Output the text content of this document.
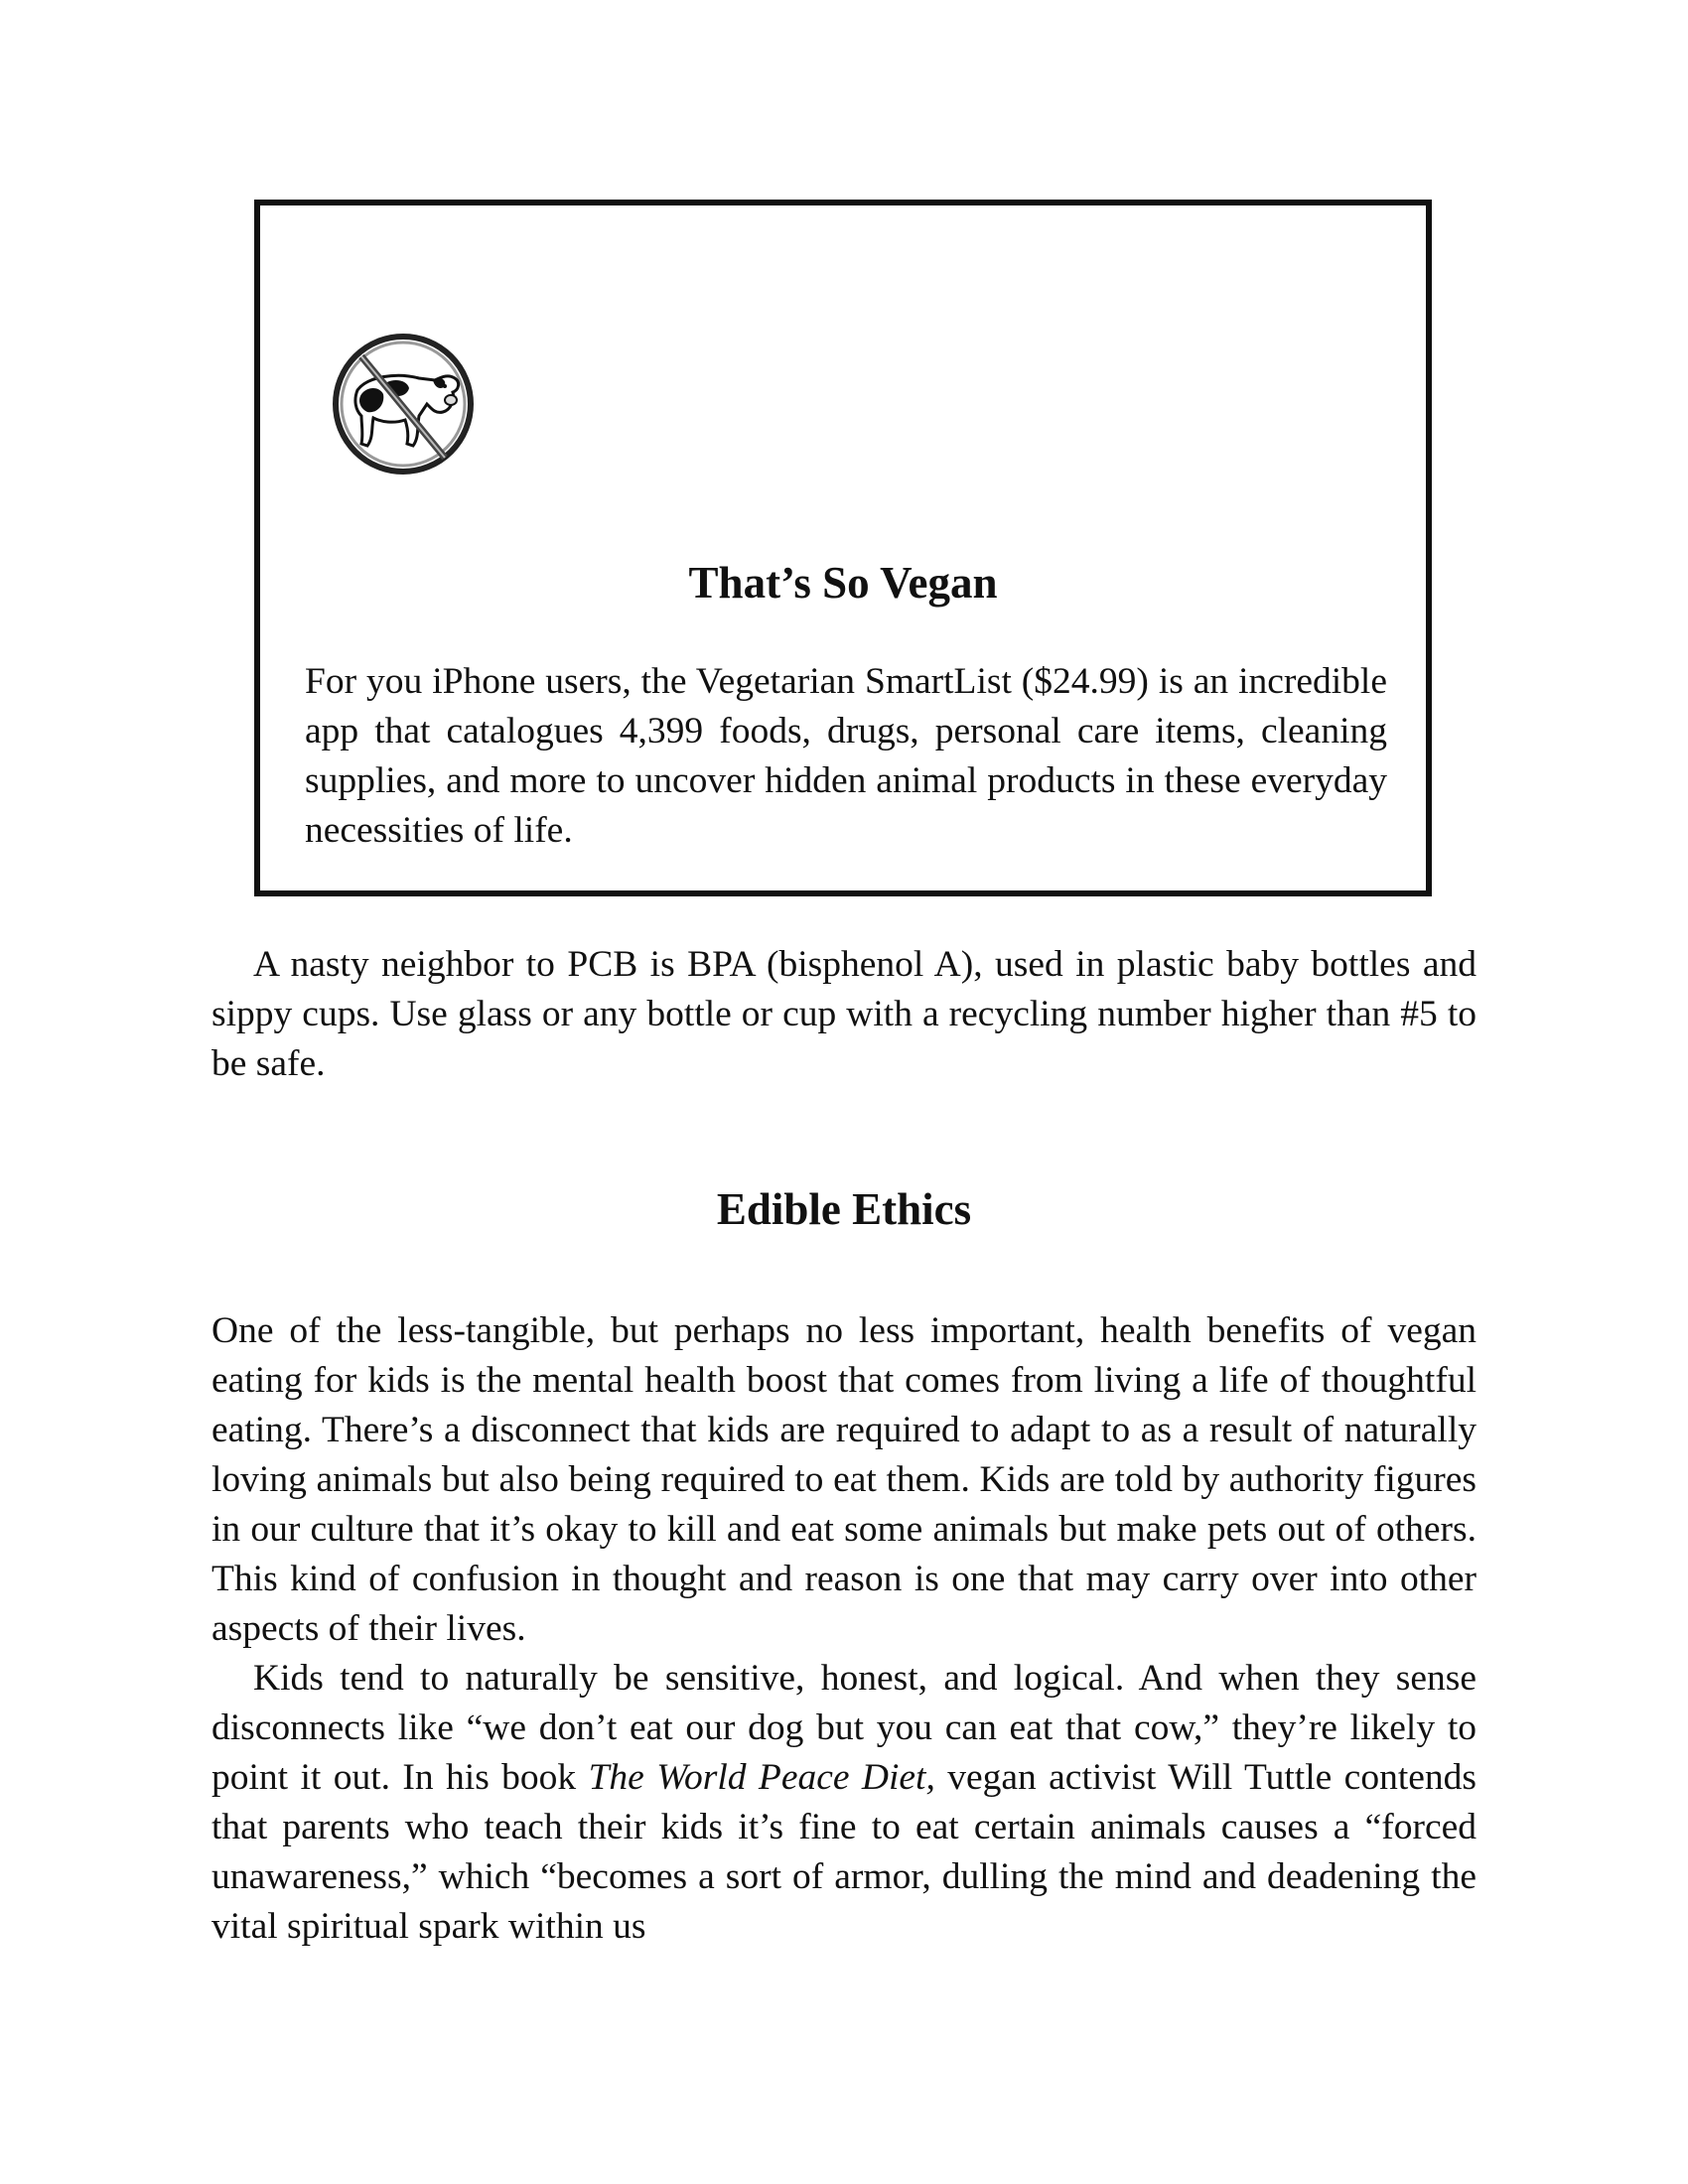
That’s So Vegan

For you iPhone users, the Vegetarian SmartList ($24.99) is an incredible app that catalogues 4,399 foods, drugs, personal care items, cleaning supplies, and more to uncover hidden animal products in these everyday necessities of life.

A nasty neighbor to PCB is BPA (bisphenol A), used in plastic baby bottles and sippy cups. Use glass or any bottle or cup with a recycling number higher than #5 to be safe.

Edible Ethics

One of the less-tangible, but perhaps no less important, health benefits of vegan eating for kids is the mental health boost that comes from living a life of thoughtful eating. There’s a disconnect that kids are required to adapt to as a result of naturally loving animals but also being required to eat them. Kids are told by authority figures in our culture that it’s okay to kill and eat some animals but make pets out of others. This kind of confusion in thought and reason is one that may carry over into other aspects of their lives.

Kids tend to naturally be sensitive, honest, and logical. And when they sense disconnects like “we don’t eat our dog but you can eat that cow,” they’re likely to point it out. In his book The World Peace Diet, vegan activist Will Tuttle contends that parents who teach their kids it’s fine to eat certain animals causes a “forced unawareness,” which “becomes a sort of armor, dulling the mind and deadening the vital spiritual spark within us
